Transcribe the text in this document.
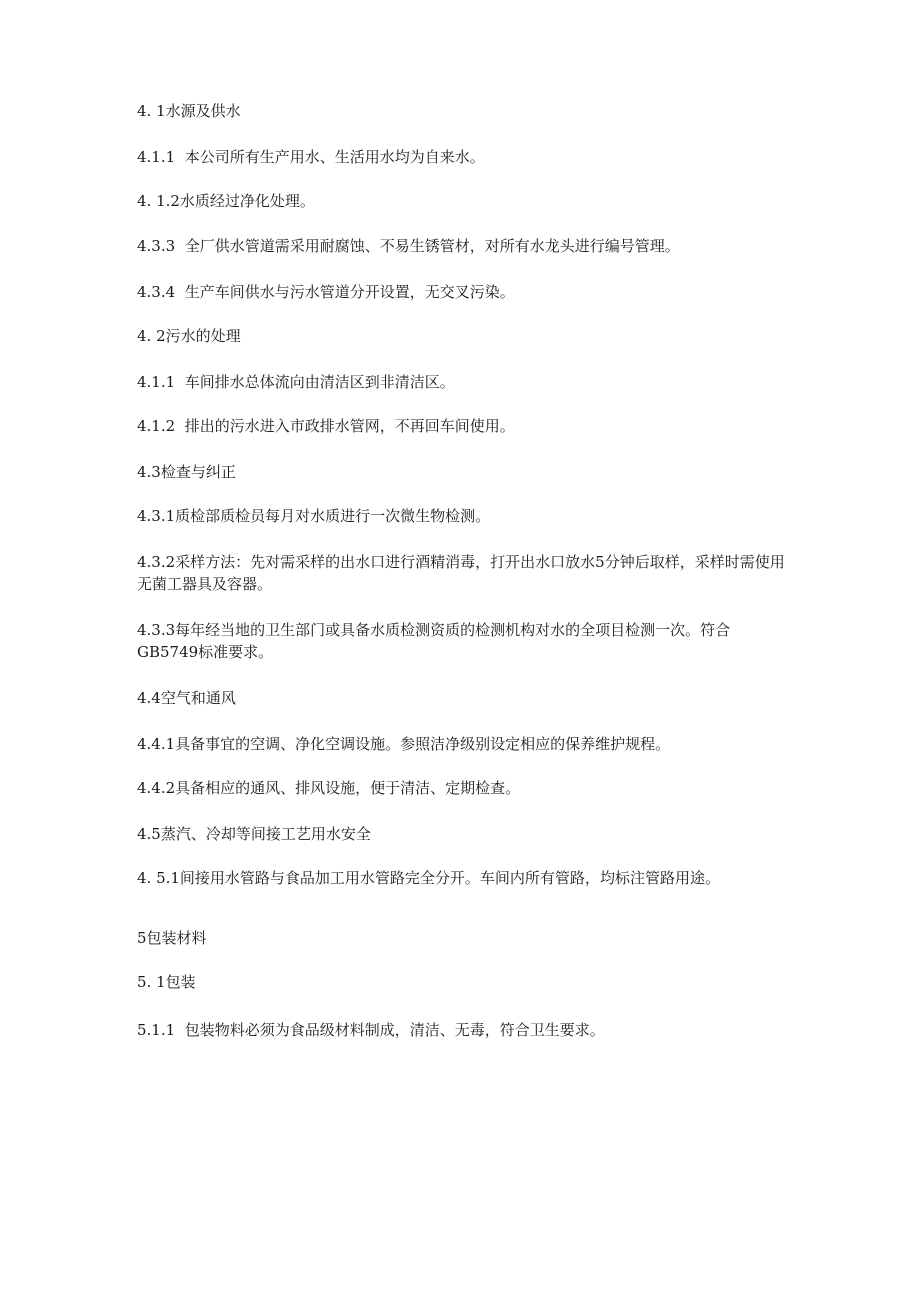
4. 1水源及供水

4.1.1  本公司所有生产用水、生活用水均为自来水。

4. 1.2水质经过净化处理。

4.3.3  全厂供水管道需采用耐腐蚀、不易生锈管材，对所有水龙头进行编号管理。

4.3.4  生产车间供水与污水管道分开设置，无交叉污染。

4. 2污水的处理

4.1.1  车间排水总体流向由清洁区到非清洁区。

4.1.2  排出的污水进入市政排水管网，不再回车间使用。

4.3检查与纠正

4.3.1质检部质检员每月对水质进行一次微生物检测。

4.3.2采样方法：先对需采样的出水口进行酒精消毒，打开出水口放水5分钟后取样，采样时需使用无菌工器具及容器。

4.3.3每年经当地的卫生部门或具备水质检测资质的检测机构对水的全项目检测一次。符合GB5749标准要求。

4.4空气和通风

4.4.1具备事宜的空调、净化空调设施。参照洁净级别设定相应的保养维护规程。

4.4.2具备相应的通风、排风设施，便于清洁、定期检查。

4.5蒸汽、冷却等间接工艺用水安全

4. 5.1间接用水管路与食品加工用水管路完全分开。车间内所有管路，均标注管路用途。

5包装材料

5. 1包装

5.1.1  包装物料必须为食品级材料制成，清洁、无毒，符合卫生要求。
